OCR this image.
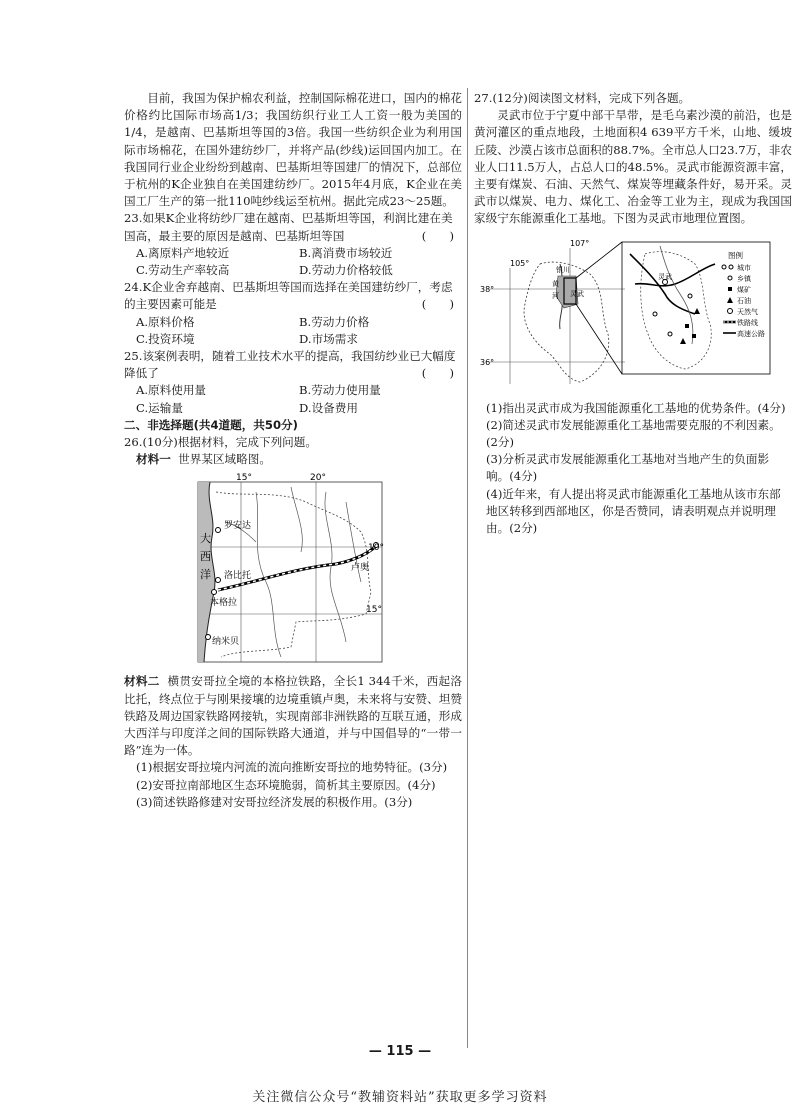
目前，我国为保护棉农利益，控制国际棉花进口，国内的棉花价格约比国际市场高1/3；我国纺织行业工人工资一般为美国的1/4，是越南、巴基斯坦等国的3倍。我国一些纺织企业为利用国际市场棉花，在国外建纺纱厂，并将产品(纱线)运回国内加工。在我国同行业企业纷纷到越南、巴基斯坦等国建厂的情况下，总部位于杭州的K企业独自在美国建纺纱厂。2015年4月底，K企业在美国工厂生产的第一批110吨纱线运至杭州。据此完成23～25题。

23.如果K企业将纺纱厂建在越南、巴基斯坦等国，利润比建在美国高，最主要的原因是越南、巴基斯坦等国	(　　)

A.离原料产地较近	B.离消费市场较近

C.劳动生产率较高	D.劳动力价格较低

24.K企业舍弃越南、巴基斯坦等国而选择在美国建纺纱厂，考虑的主要因素可能是	(　　)

A.原料价格	B.劳动力价格

C.投资环境	D.市场需求

25.该案例表明，随着工业技术水平的提高，我国纺纱业已大幅度降低了	(　　)

A.原料使用量	B.劳动力使用量

C.运输量	D.设备费用

二、非选择题(共4道题，共50分)

26.(10分)根据材料，完成下列问题。

材料一 世界某区域略图。

15°	20°
10°
15°
大
西
洋
罗安达
洛比托
本格拉
纳米贝
卢奥

材料二 横贯安哥拉全境的本格拉铁路，全长1 344千米，西起洛比托，终点位于与刚果接壤的边境重镇卢奥，未来将与安赞、坦赞铁路及周边国家铁路网接轨，实现南部非洲铁路的互联互通，形成大西洋与印度洋之间的国际铁路大通道，并与中国倡导的“一带一路”连为一体。

(1)根据安哥拉境内河流的流向推断安哥拉的地势特征。(3分)

(2)安哥拉南部地区生态环境脆弱，简析其主要原因。(4分)

(3)简述铁路修建对安哥拉经济发展的积极作用。(3分)

27.(12分)阅读图文材料，完成下列各题。

灵武市位于宁夏中部干旱带，是毛乌素沙漠的前沿，也是黄河灌区的重点地段，土地面积4 639平方千米，山地、缓坡丘陵、沙漠占该市总面积的88.7%。全市总人口23.7万，非农业人口11.5万人，占总人口的48.5%。灵武市能源资源丰富，主要有煤炭、石油、天然气、煤炭等埋藏条件好，易开采。灵武市以煤炭、电力、煤化工、冶金等工业为主，现成为我国国家级宁东能源重化工基地。下图为灵武市地理位置图。

107°
105°
38°
36°
银川
黄
河 灵武
灵武
图例
城市
乡镇
煤矿
石油
天然气
铁路线
高速公路

(1)指出灵武市成为我国能源重化工基地的优势条件。(4分)

(2)简述灵武市发展能源重化工基地需要克服的不利因素。(2分)

(3)分析灵武市发展能源重化工基地对当地产生的负面影响。(4分)

(4)近年来，有人提出将灵武市能源重化工基地从该市东部地区转移到西部地区，你是否赞同，请表明观点并说明理由。(2分)

— 115 —
关注微信公众号“教辅资料站”获取更多学习资料
